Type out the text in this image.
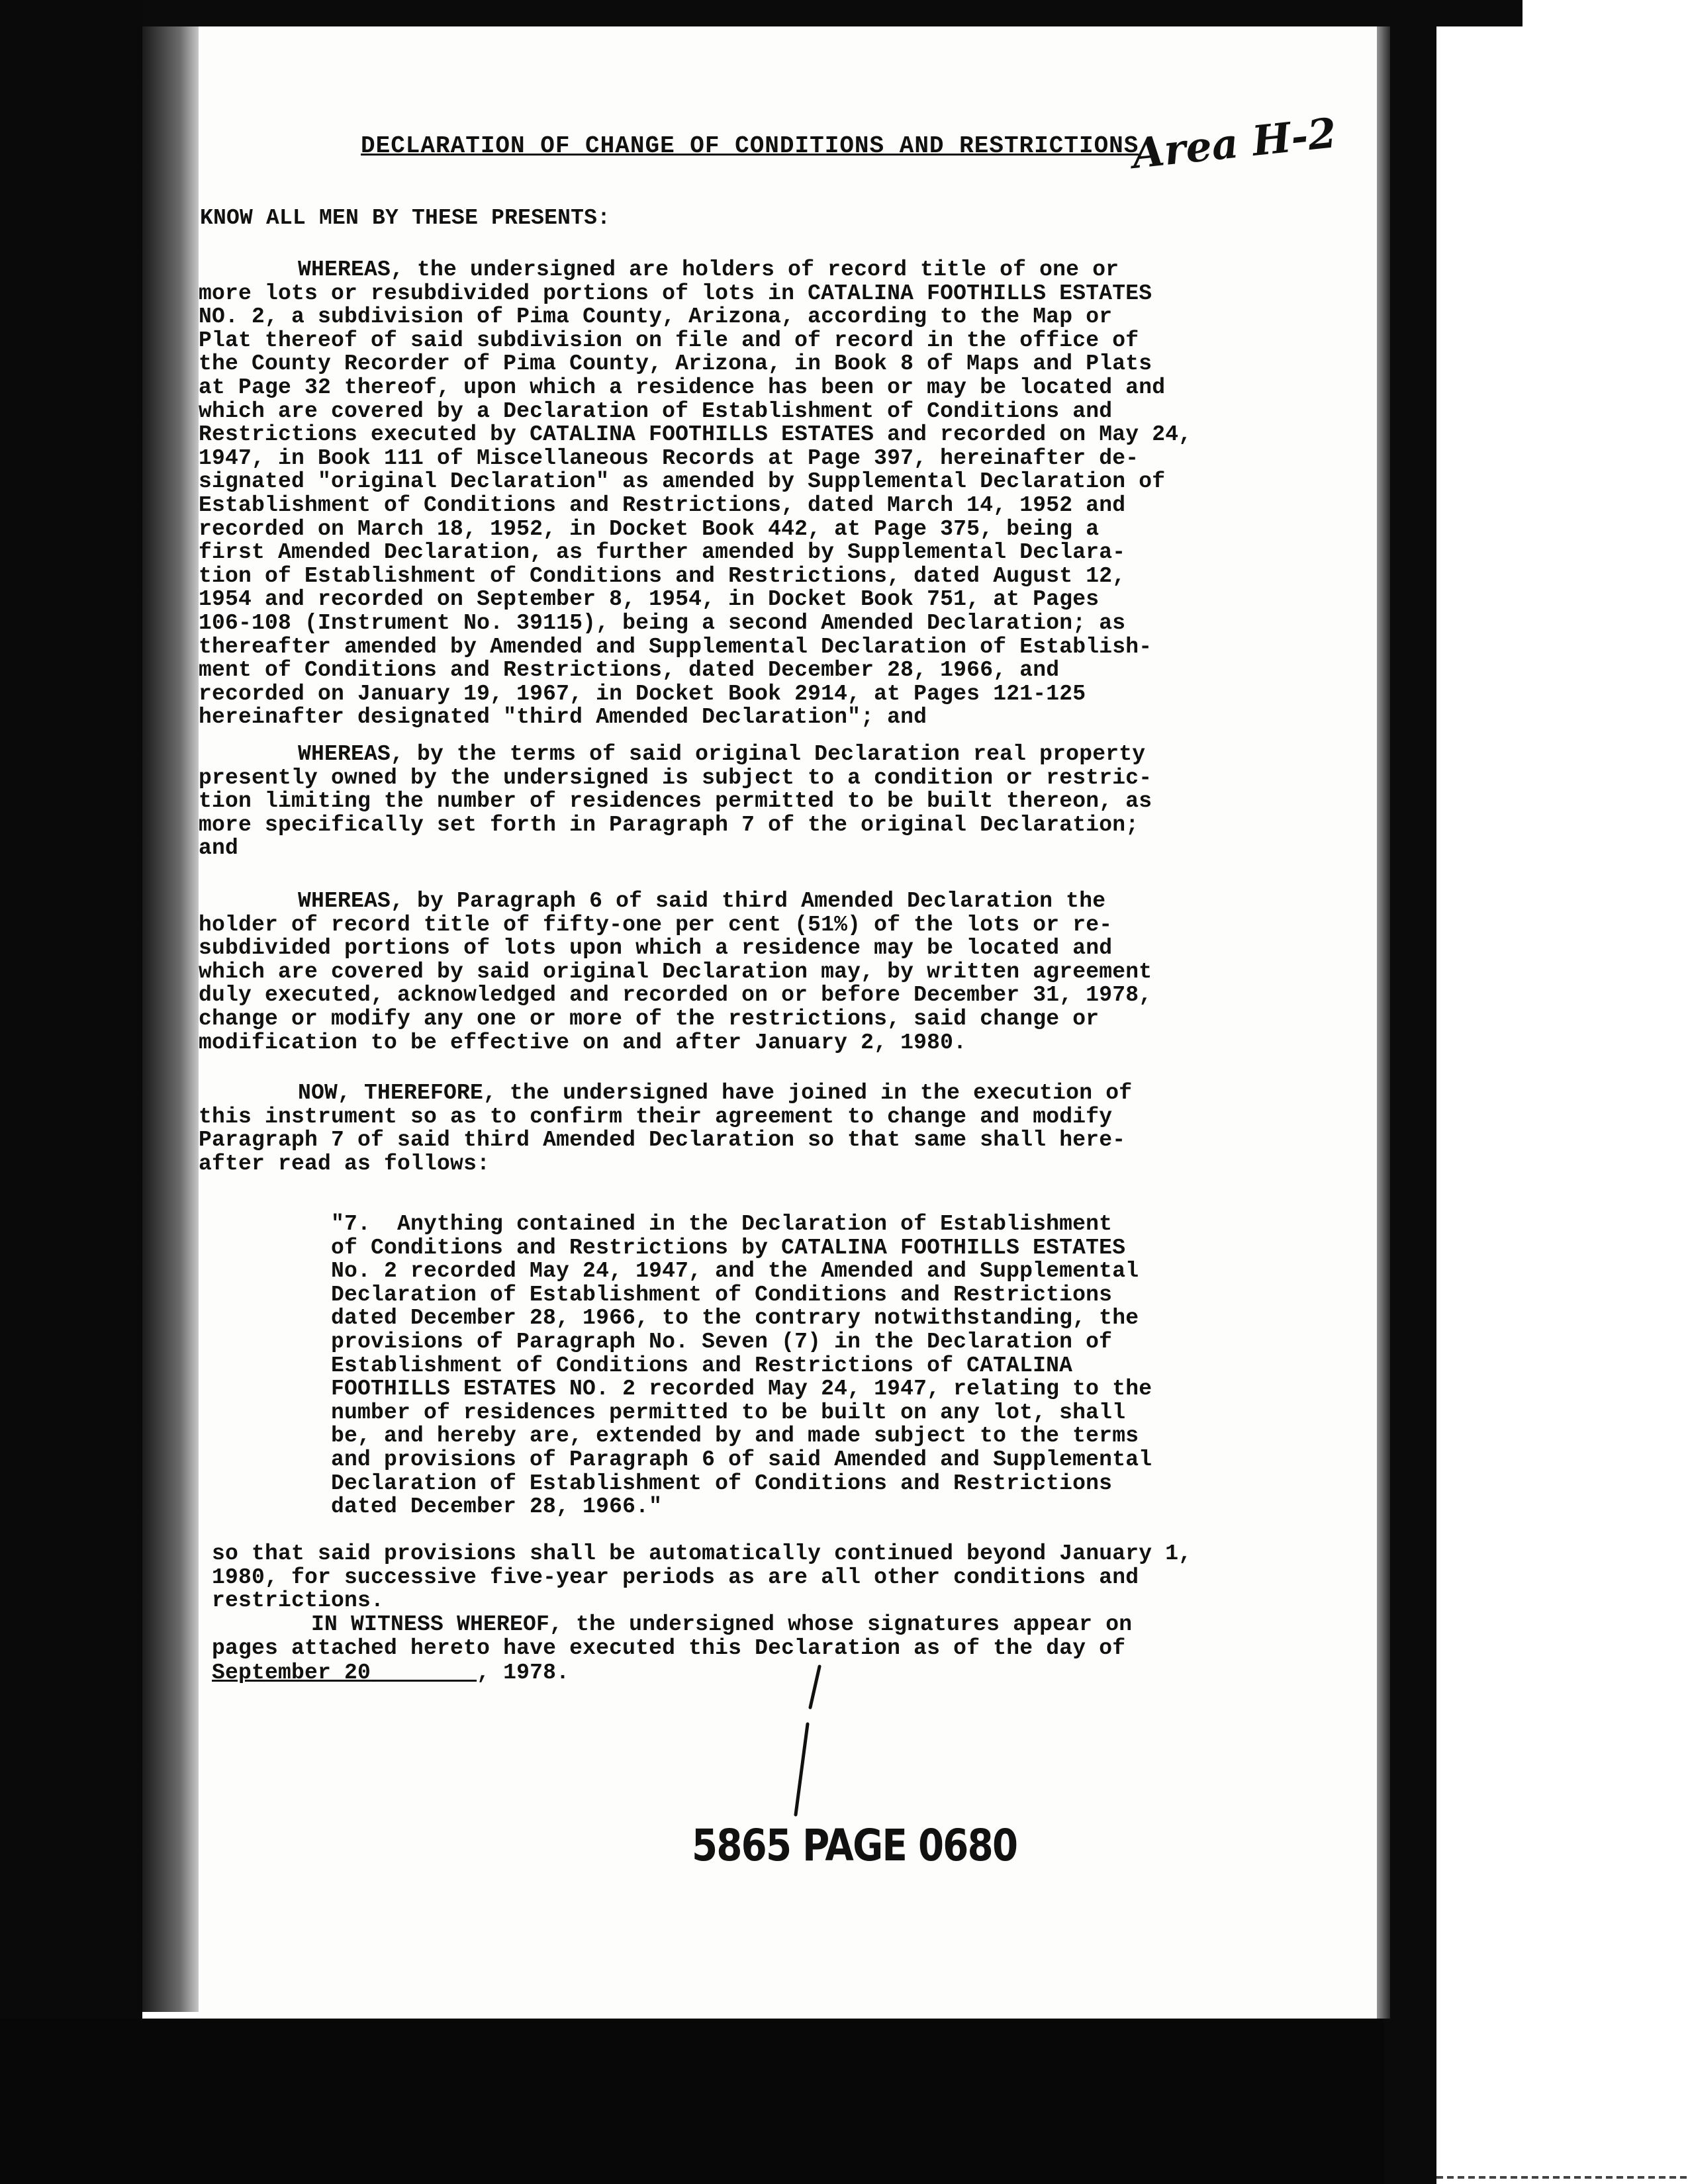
DECLARATION OF CHANGE OF CONDITIONS AND RESTRICTIONS
Area H-2
KNOW ALL MEN BY THESE PRESENTS:
WHEREAS, the undersigned are holders of record title of one or
more lots or resubdivided portions of lots in CATALINA FOOTHILLS ESTATES
NO. 2, a subdivision of Pima County, Arizona, according to the Map or
Plat thereof of said subdivision on file and of record in the office of
the County Recorder of Pima County, Arizona, in Book 8 of Maps and Plats
at Page 32 thereof, upon which a residence has been or may be located and
which are covered by a Declaration of Establishment of Conditions and
Restrictions executed by CATALINA FOOTHILLS ESTATES and recorded on May 24,
1947, in Book 111 of Miscellaneous Records at Page 397, hereinafter de-
signated "original Declaration" as amended by Supplemental Declaration of
Establishment of Conditions and Restrictions, dated March 14, 1952 and
recorded on March 18, 1952, in Docket Book 442, at Page 375, being a
first Amended Declaration, as further amended by Supplemental Declara-
tion of Establishment of Conditions and Restrictions, dated August 12,
1954 and recorded on September 8, 1954, in Docket Book 751, at Pages
106-108 (Instrument No. 39115), being a second Amended Declaration; as
thereafter amended by Amended and Supplemental Declaration of Establish-
ment of Conditions and Restrictions, dated December 28, 1966, and
recorded on January 19, 1967, in Docket Book 2914, at Pages 121-125
hereinafter designated "third Amended Declaration"; and
WHEREAS, by the terms of said original Declaration real property
presently owned by the undersigned is subject to a condition or restric-
tion limiting the number of residences permitted to be built thereon, as
more specifically set forth in Paragraph 7 of the original Declaration;
and
WHEREAS, by Paragraph 6 of said third Amended Declaration the
holder of record title of fifty-one per cent (51%) of the lots or re-
subdivided portions of lots upon which a residence may be located and
which are covered by said original Declaration may, by written agreement
duly executed, acknowledged and recorded on or before December 31, 1978,
change or modify any one or more of the restrictions, said change or
modification to be effective on and after January 2, 1980.
NOW, THEREFORE, the undersigned have joined in the execution of
this instrument so as to confirm their agreement to change and modify
Paragraph 7 of said third Amended Declaration so that same shall here-
after read as follows:
"7.  Anything contained in the Declaration of Establishment
of Conditions and Restrictions by CATALINA FOOTHILLS ESTATES
No. 2 recorded May 24, 1947, and the Amended and Supplemental
Declaration of Establishment of Conditions and Restrictions
dated December 28, 1966, to the contrary notwithstanding, the
provisions of Paragraph No. Seven (7) in the Declaration of
Establishment of Conditions and Restrictions of CATALINA
FOOTHILLS ESTATES NO. 2 recorded May 24, 1947, relating to the
number of residences permitted to be built on any lot, shall
be, and hereby are, extended by and made subject to the terms
and provisions of Paragraph 6 of said Amended and Supplemental
Declaration of Establishment of Conditions and Restrictions
dated December 28, 1966."
so that said provisions shall be automatically continued beyond January 1,
1980, for successive five-year periods as are all other conditions and
restrictions.
IN WITNESS WHEREOF, the undersigned whose signatures appear on
pages attached hereto have executed this Declaration as of the day of
September 20	, 1978.
5865 PAGE 0680
